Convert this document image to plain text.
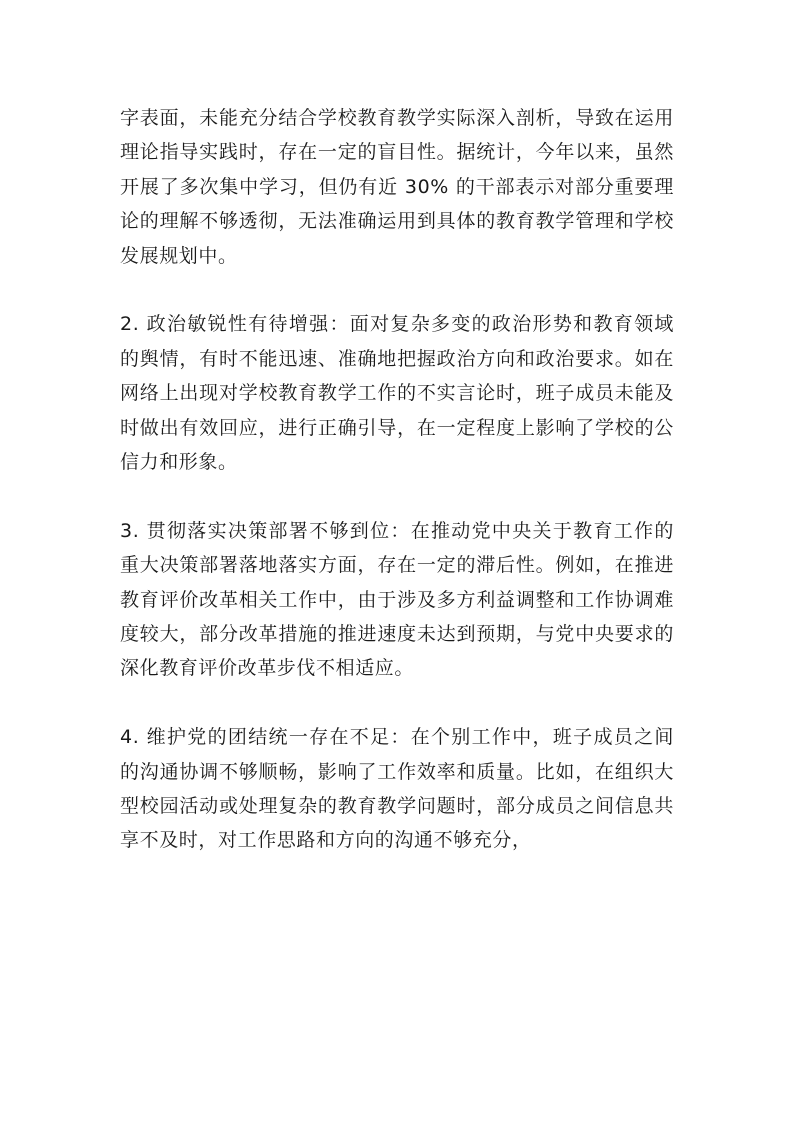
字表面，未能充分结合学校教育教学实际深入剖析，导致在运用理论指导实践时，存在一定的盲目性。据统计，今年以来，虽然开展了多次集中学习，但仍有近 30% 的干部表示对部分重要理论的理解不够透彻，无法准确运用到具体的教育教学管理和学校发展规划中。

2. 政治敏锐性有待增强：面对复杂多变的政治形势和教育领域的舆情，有时不能迅速、准确地把握政治方向和政治要求。如在网络上出现对学校教育教学工作的不实言论时，班子成员未能及时做出有效回应，进行正确引导，在一定程度上影响了学校的公信力和形象。

3. 贯彻落实决策部署不够到位：在推动党中央关于教育工作的重大决策部署落地落实方面，存在一定的滞后性。例如，在推进教育评价改革相关工作中，由于涉及多方利益调整和工作协调难度较大，部分改革措施的推进速度未达到预期，与党中央要求的深化教育评价改革步伐不相适应。

4. 维护党的团结统一存在不足：在个别工作中，班子成员之间的沟通协调不够顺畅，影响了工作效率和质量。比如，在组织大型校园活动或处理复杂的教育教学问题时，部分成员之间信息共享不及时，对工作思路和方向的沟通不够充分，
